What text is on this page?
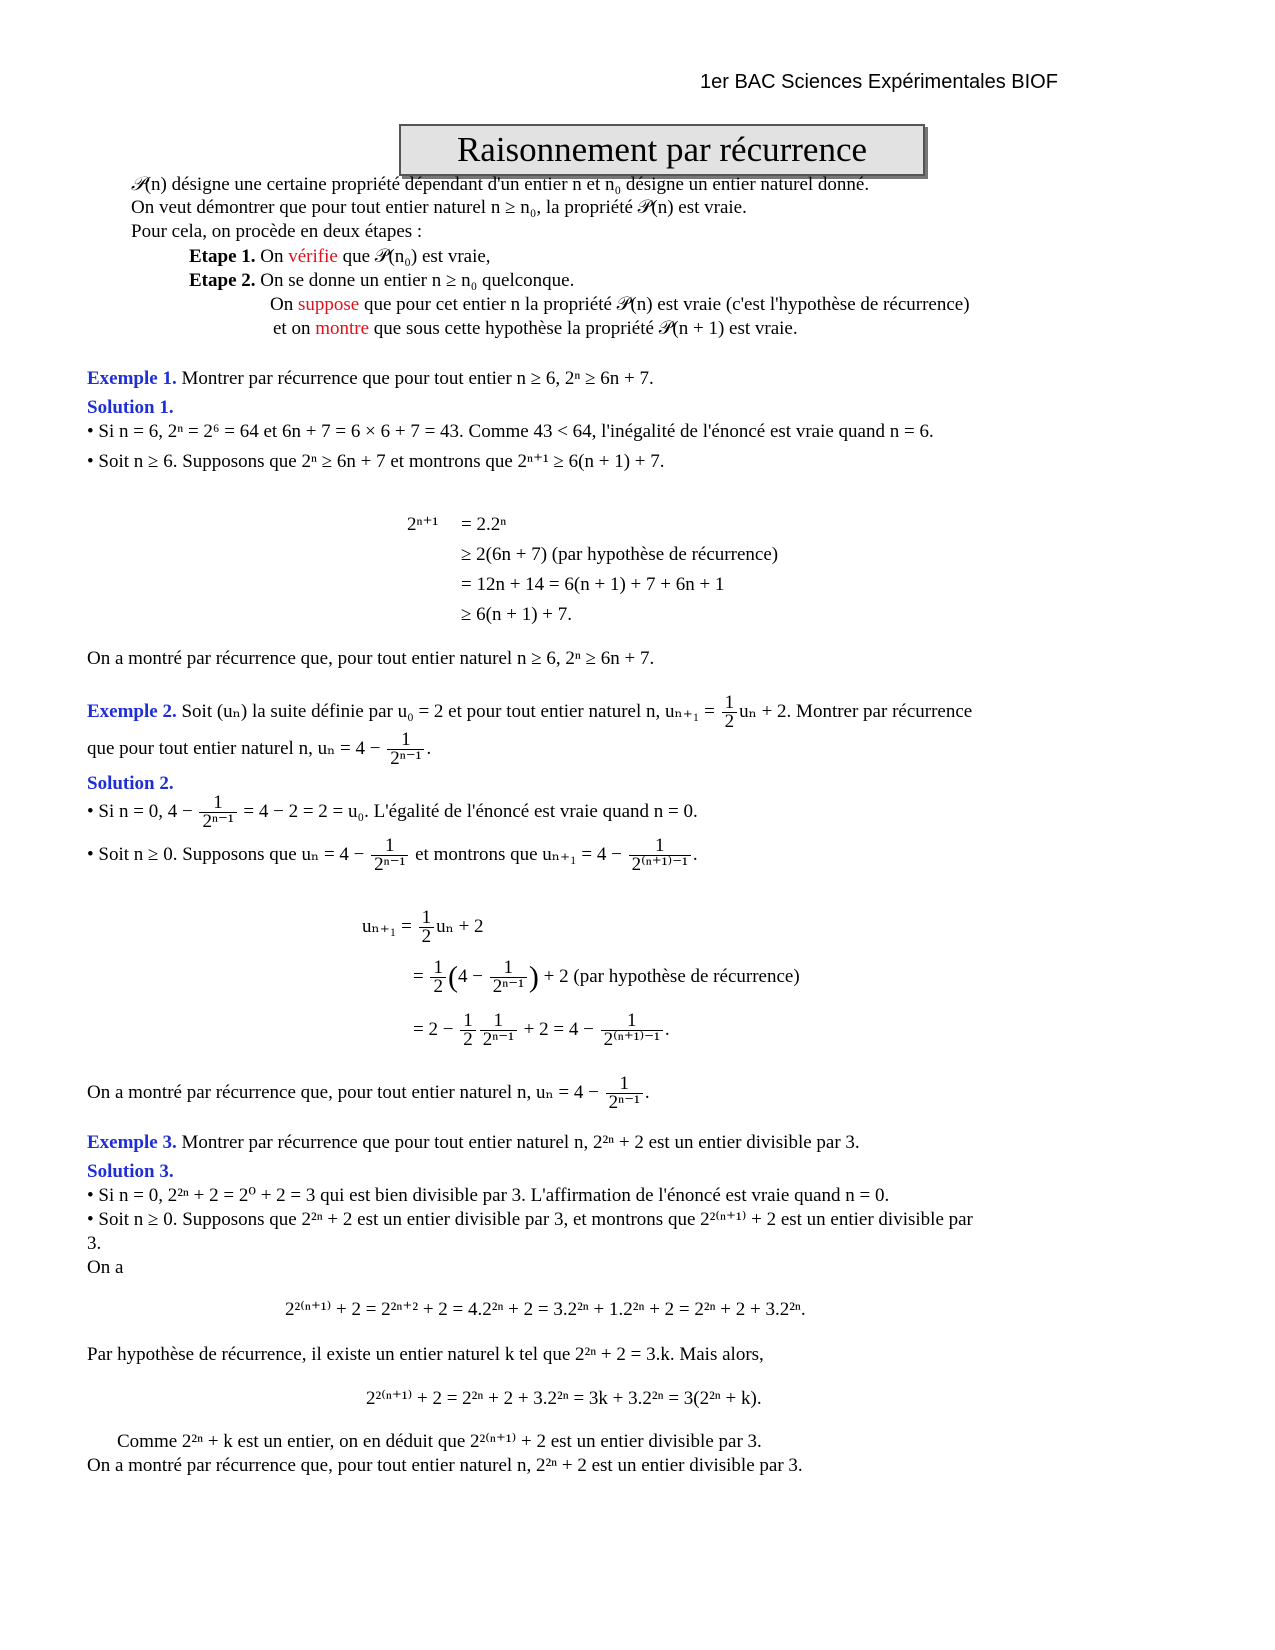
1er BAC Sciences Expérimentales BIOF
Raisonnement par récurrence
𝒫(n) désigne une certaine propriété dépendant d'un entier n et n₀ désigne un entier naturel donné.
On veut démontrer que pour tout entier naturel n ≥ n₀, la propriété 𝒫(n) est vraie.
Pour cela, on procède en deux étapes :
Etape 1. On vérifie que 𝒫(n₀) est vraie,
Etape 2. On se donne un entier n ≥ n₀ quelconque.
On suppose que pour cet entier n la propriété 𝒫(n) est vraie (c'est l'hypothèse de récurrence)
et on montre que sous cette hypothèse la propriété 𝒫(n + 1) est vraie.
Exemple 1. Montrer par récurrence que pour tout entier n ≥ 6, 2ⁿ ≥ 6n + 7.
Solution 1.
• Si n = 6, 2ⁿ = 2⁶ = 64 et 6n + 7 = 6 × 6 + 7 = 43. Comme 43 < 64, l'inégalité de l'énoncé est vraie quand n = 6.
• Soit n ≥ 6. Supposons que 2ⁿ ≥ 6n + 7 et montrons que 2ⁿ⁺¹ ≥ 6(n + 1) + 7.
2ⁿ⁺¹ = 2.2ⁿ
≥ 2(6n + 7) (par hypothèse de récurrence)
= 12n + 14 = 6(n + 1) + 7 + 6n + 1
≥ 6(n + 1) + 7.
On a montré par récurrence que, pour tout entier naturel n ≥ 6, 2ⁿ ≥ 6n + 7.
Exemple 2. Soit (uₙ) la suite définie par u₀ = 2 et pour tout entier naturel n, $u_{n+1} = \frac{1}{2}$ uₙ + 2. Montrer par récurrence
que pour tout entier naturel n, $u_n = 4 - \frac{1}{\text{2ⁿ⁻¹}}$ .
Solution 2.
• Si n = 0, $4 - \frac{1}{\text{2ⁿ⁻¹}} = 4 - 2 = 2 = u_0$. L'égalité de l'énoncé est vraie quand n = 0.
• Soit n ≥ 0. Supposons que $u_n = 4 - \frac{1}{\text{2ⁿ⁻¹}}$ et montrons que $u_{n+1} = 4 - \frac{1}{\text{2⁽ⁿ⁺¹⁾⁻¹}}$ .
$u_{n+1} = \frac{1}{2}$ uₙ + 2
= $\frac{1}{2} (4 - \frac{1}{\text{2ⁿ⁻¹}}$ ) + 2 (par hypothèse de récurrence)
= $2 - \frac{1}{2} \frac{1}{\text{2ⁿ⁻¹}} + 2 = 4 - \frac{1}{\text{2⁽ⁿ⁺¹⁾⁻¹}}$ .
On a montré par récurrence que, pour tout entier naturel n, $u_n = 4 - \frac{1}{\text{2ⁿ⁻¹}}$ .
Exemple 3. Montrer par récurrence que pour tout entier naturel n, 2²ⁿ + 2 est un entier divisible par 3.
Solution 3.
• Si n = 0, 2²ⁿ + 2 = 2⁰ + 2 = 3 qui est bien divisible par 3. L'affirmation de l'énoncé est vraie quand n = 0.
• Soit n ≥ 0. Supposons que 2²ⁿ + 2 est un entier divisible par 3, et montrons que 2²⁽ⁿ⁺¹⁾ + 2 est un entier divisible par
3.
On a
2²⁽ⁿ⁺¹⁾ + 2 = 2²ⁿ⁺² + 2 = 4.2²ⁿ + 2 = 3.2²ⁿ + 1.2²ⁿ + 2 = 2²ⁿ + 2 + 3.2²ⁿ.
Par hypothèse de récurrence, il existe un entier naturel k tel que 2²ⁿ + 2 = 3.k. Mais alors,
2²⁽ⁿ⁺¹⁾ + 2 = 2²ⁿ + 2 + 3.2²ⁿ = 3k + 3.2²ⁿ = 3(2²ⁿ + k).
Comme 2²ⁿ + k est un entier, on en déduit que 2²⁽ⁿ⁺¹⁾ + 2 est un entier divisible par 3.
On a montré par récurrence que, pour tout entier naturel n, 2²ⁿ + 2 est un entier divisible par 3.
